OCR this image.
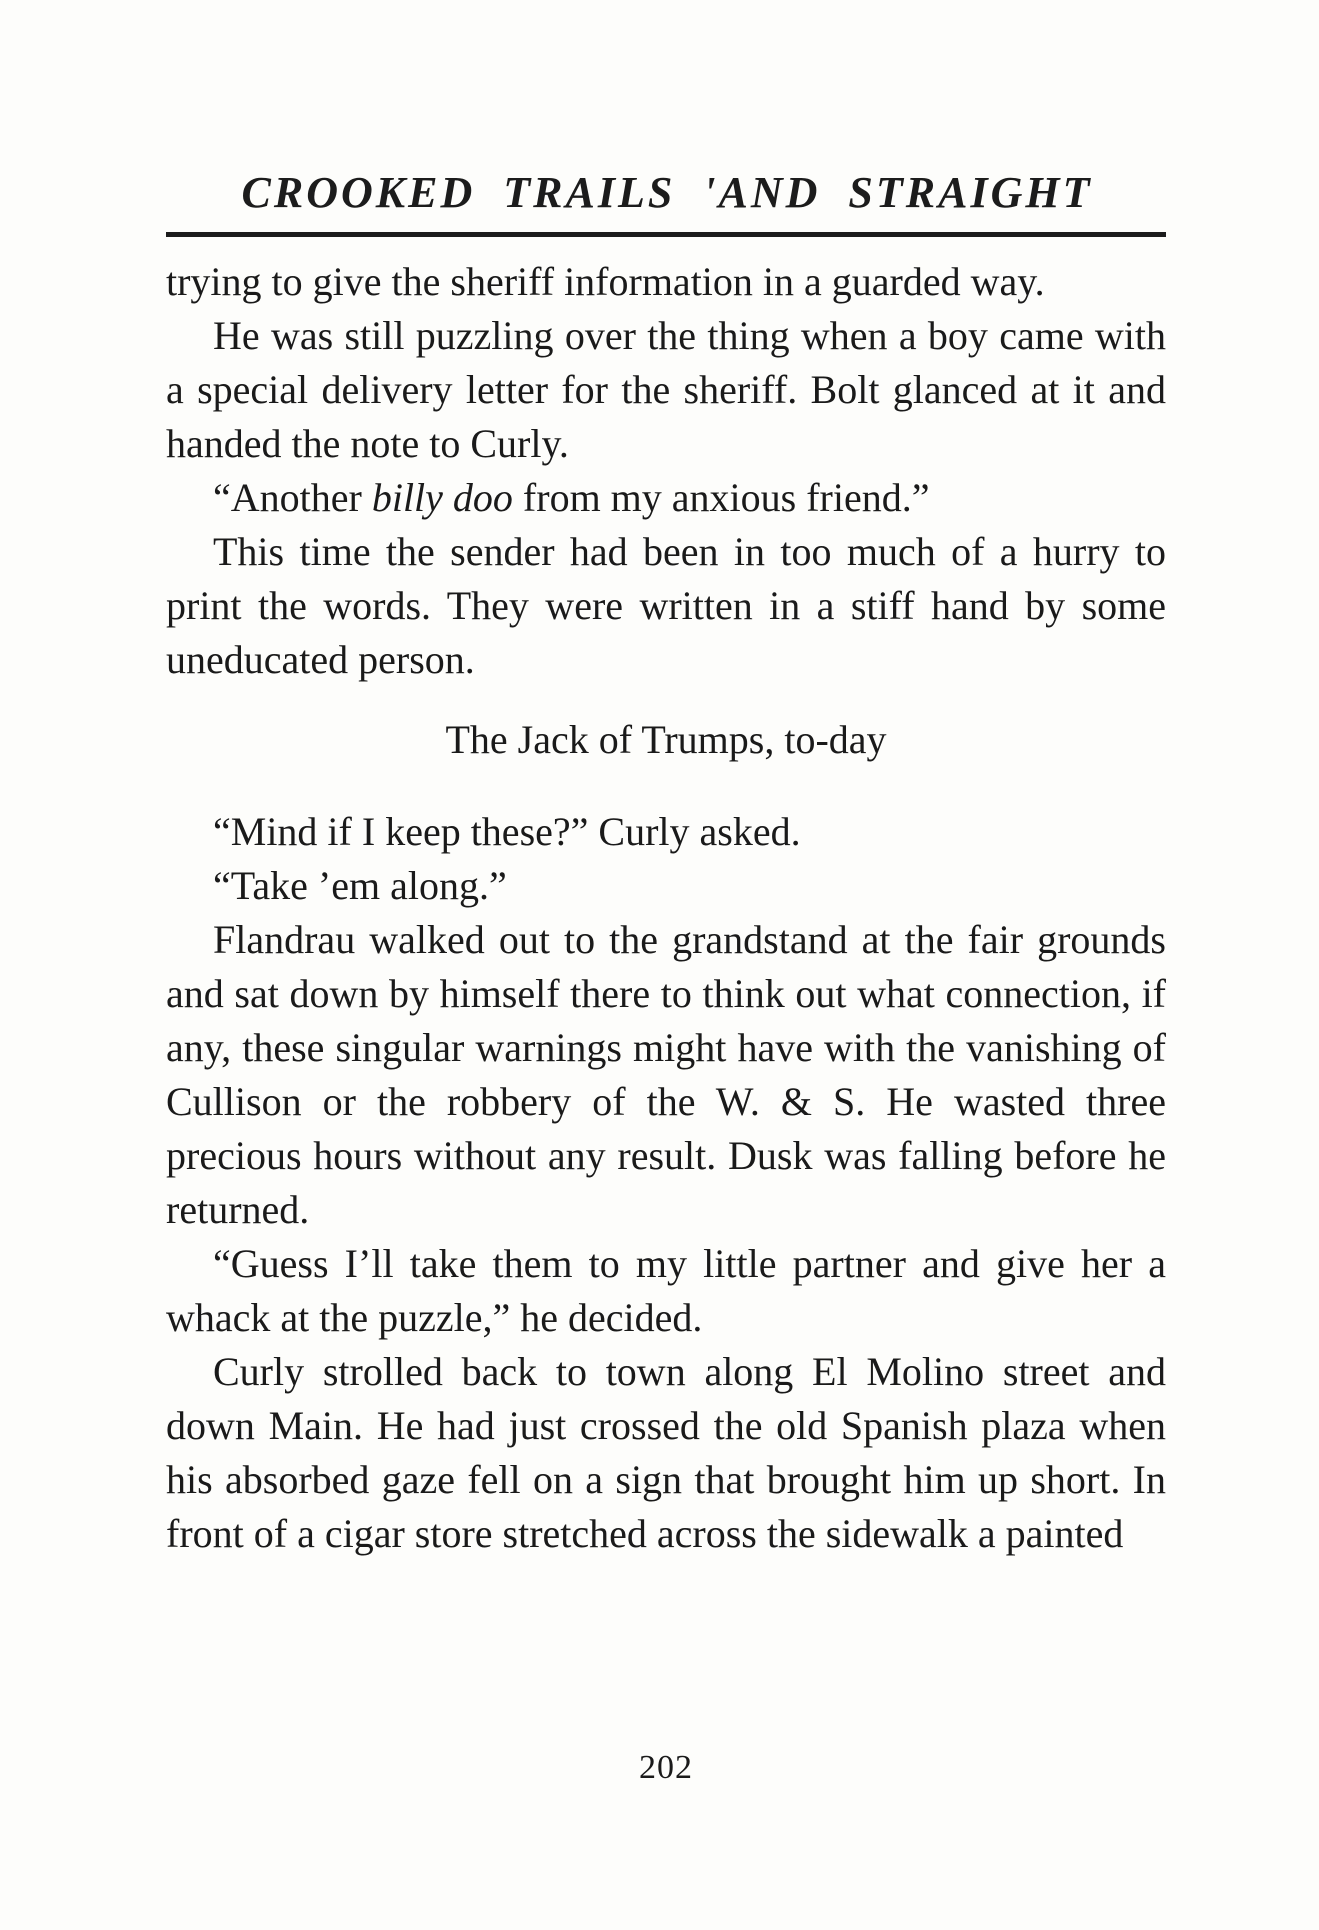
CROOKED TRAILS 'AND STRAIGHT

trying to give the sheriff information in a guarded way.

He was still puzzling over the thing when a boy came with a special delivery letter for the sheriff. Bolt glanced at it and handed the note to Curly.

“Another billy doo from my anxious friend.”

This time the sender had been in too much of a hurry to print the words. They were written in a stiff hand by some uneducated person.

The Jack of Trumps, to-day

“Mind if I keep these?” Curly asked.

“Take ’em along.”

Flandrau walked out to the grandstand at the fair grounds and sat down by himself there to think out what connection, if any, these singular warnings might have with the vanishing of Cullison or the robbery of the W. & S. He wasted three precious hours without any result. Dusk was falling before he returned.

“Guess I’ll take them to my little partner and give her a whack at the puzzle,” he decided.

Curly strolled back to town along El Molino street and down Main. He had just crossed the old Spanish plaza when his absorbed gaze fell on a sign that brought him up short. In front of a cigar store stretched across the sidewalk a painted

202
